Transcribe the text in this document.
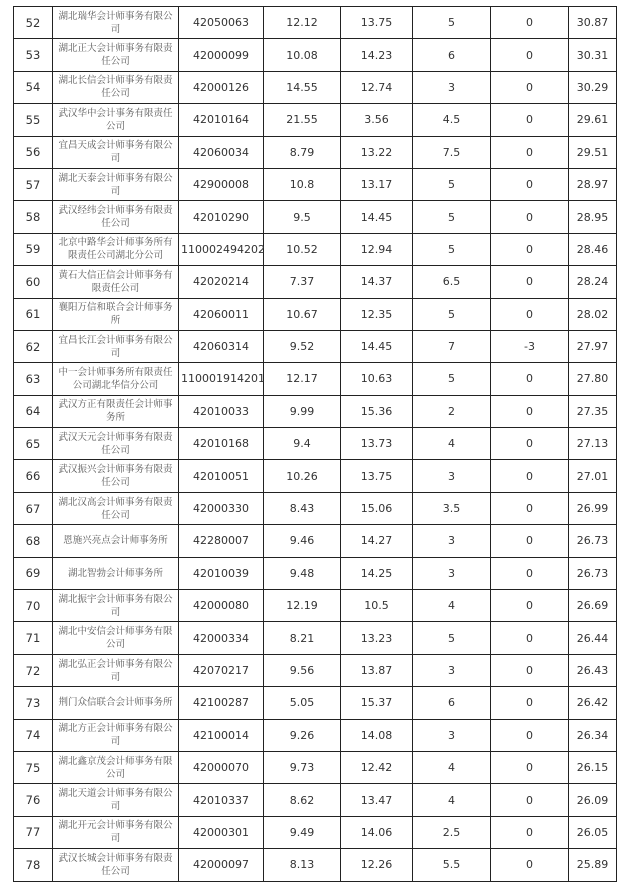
52	湖北瑞华会计师事务有限公司	42050063	12.12	13.75	5	0	30.87
53	湖北正大会计师事务有限责任公司	42000099	10.08	14.23	6	0	30.31
54	湖北长信会计师事务有限责任公司	42000126	14.55	12.74	3	0	30.29
55	武汉华中会计事务有限责任公司	42010164	21.55	3.56	4.5	0	29.61
56	宜昌天成会计师事务有限公司	42060034	8.79	13.22	7.5	0	29.51
57	湖北天泰会计师事务有限公司	42900008	10.8	13.17	5	0	28.97
58	武汉经纬会计师事务有限责任公司	42010290	9.5	14.45	5	0	28.95
59	北京中路华会计师事务所有限责任公司湖北分公司	110002494202	10.52	12.94	5	0	28.46
60	黄石大信正信会计师事务有限责任公司	42020214	7.37	14.37	6.5	0	28.24
61	襄阳万信和联合会计师事务所	42060011	10.67	12.35	5	0	28.02
62	宜昌长江会计师事务有限公司	42060314	9.52	14.45	7	-3	27.97
63	中一会计师事务所有限责任公司湖北华信分公司	110001914201	12.17	10.63	5	0	27.80
64	武汉方正有限责任会计师事务所	42010033	9.99	15.36	2	0	27.35
65	武汉天元会计师事务有限责任公司	42010168	9.4	13.73	4	0	27.13
66	武汉振兴会计师事务有限责任公司	42010051	10.26	13.75	3	0	27.01
67	湖北汉高会计师事务有限责任公司	42000330	8.43	15.06	3.5	0	26.99
68	恩施兴亮点会计师事务所	42280007	9.46	14.27	3	0	26.73
69	湖北智勃会计师事务所	42010039	9.48	14.25	3	0	26.73
70	湖北振宇会计师事务有限公司	42000080	12.19	10.5	4	0	26.69
71	湖北中安信会计师事务有限公司	42000334	8.21	13.23	5	0	26.44
72	湖北弘正会计师事务有限公司	42070217	9.56	13.87	3	0	26.43
73	荆门众信联合会计师事务所	42100287	5.05	15.37	6	0	26.42
74	湖北方正会计师事务有限公司	42100014	9.26	14.08	3	0	26.34
75	湖北鑫京茂会计师事务有限公司	42000070	9.73	12.42	4	0	26.15
76	湖北天道会计师事务有限公司	42010337	8.62	13.47	4	0	26.09
77	湖北开元会计师事务有限公司	42000301	9.49	14.06	2.5	0	26.05
78	武汉长城会计师事务有限责任公司	42000097	8.13	12.26	5.5	0	25.89
